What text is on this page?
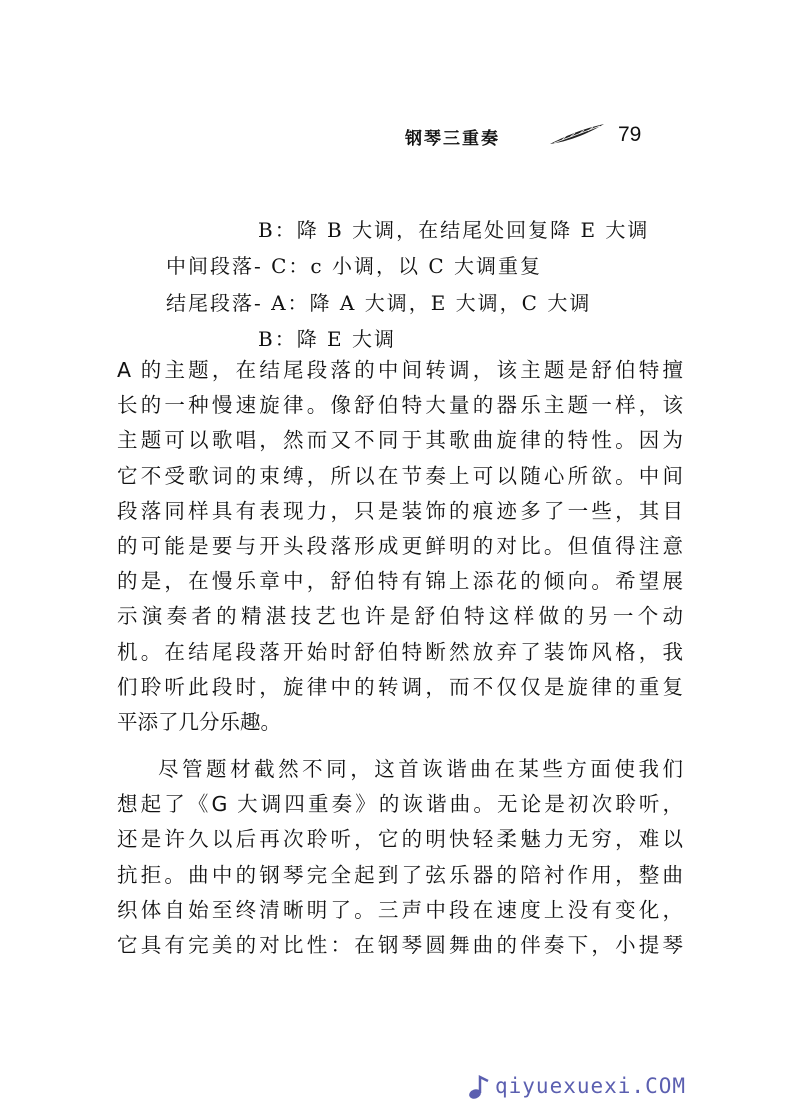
钢琴三重奏	79
B：降 B 大调，在结尾处回复降 E 大调
中间段落- C：c 小调，以 C 大调重复
结尾段落- A：降 A 大调，E 大调，C 大调
B：降 E 大调
A 的主题，在结尾段落的中间转调，该主题是舒伯特擅
长的一种慢速旋律。像舒伯特大量的器乐主题一样，该
主题可以歌唱，然而又不同于其歌曲旋律的特性。因为
它不受歌词的束缚，所以在节奏上可以随心所欲。中间
段落同样具有表现力，只是装饰的痕迹多了一些，其目
的可能是要与开头段落形成更鲜明的对比。但值得注意
的是，在慢乐章中，舒伯特有锦上添花的倾向。希望展
示演奏者的精湛技艺也许是舒伯特这样做的另一个动
机。在结尾段落开始时舒伯特断然放弃了装饰风格，我
们聆听此段时，旋律中的转调，而不仅仅是旋律的重复
平添了几分乐趣。
尽管题材截然不同，这首诙谐曲在某些方面使我们
想起了《G 大调四重奏》的诙谐曲。无论是初次聆听，
还是许久以后再次聆听，它的明快轻柔魅力无穷，难以
抗拒。曲中的钢琴完全起到了弦乐器的陪衬作用，整曲
织体自始至终清晰明了。三声中段在速度上没有变化，
它具有完美的对比性：在钢琴圆舞曲的伴奏下，小提琴
qiyuexuexi.COM
